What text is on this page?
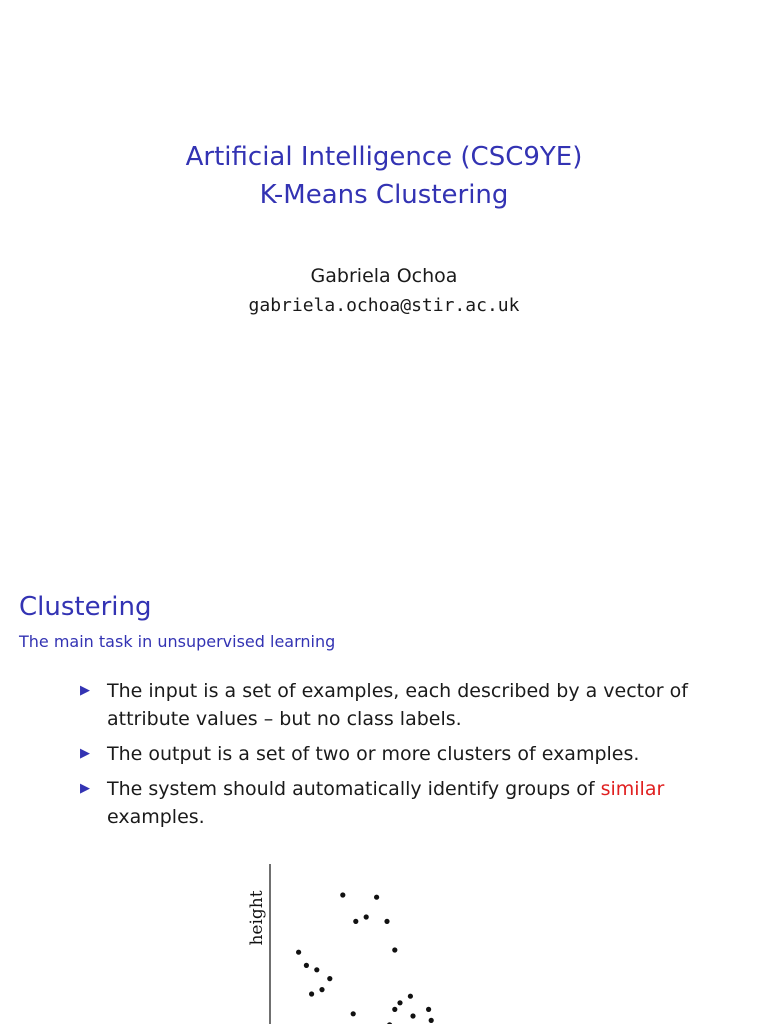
Artificial Intelligence (CSC9YE)
K-Means Clustering
Gabriela Ochoa
gabriela.ochoa@stir.ac.uk
Clustering
The main task in unsupervised learning
▶ The input is a set of examples, each described by a vector of attribute values – but no class labels.
▶ The output is a set of two or more clusters of examples.
▶ The system should automatically identify groups of similar examples.
height
